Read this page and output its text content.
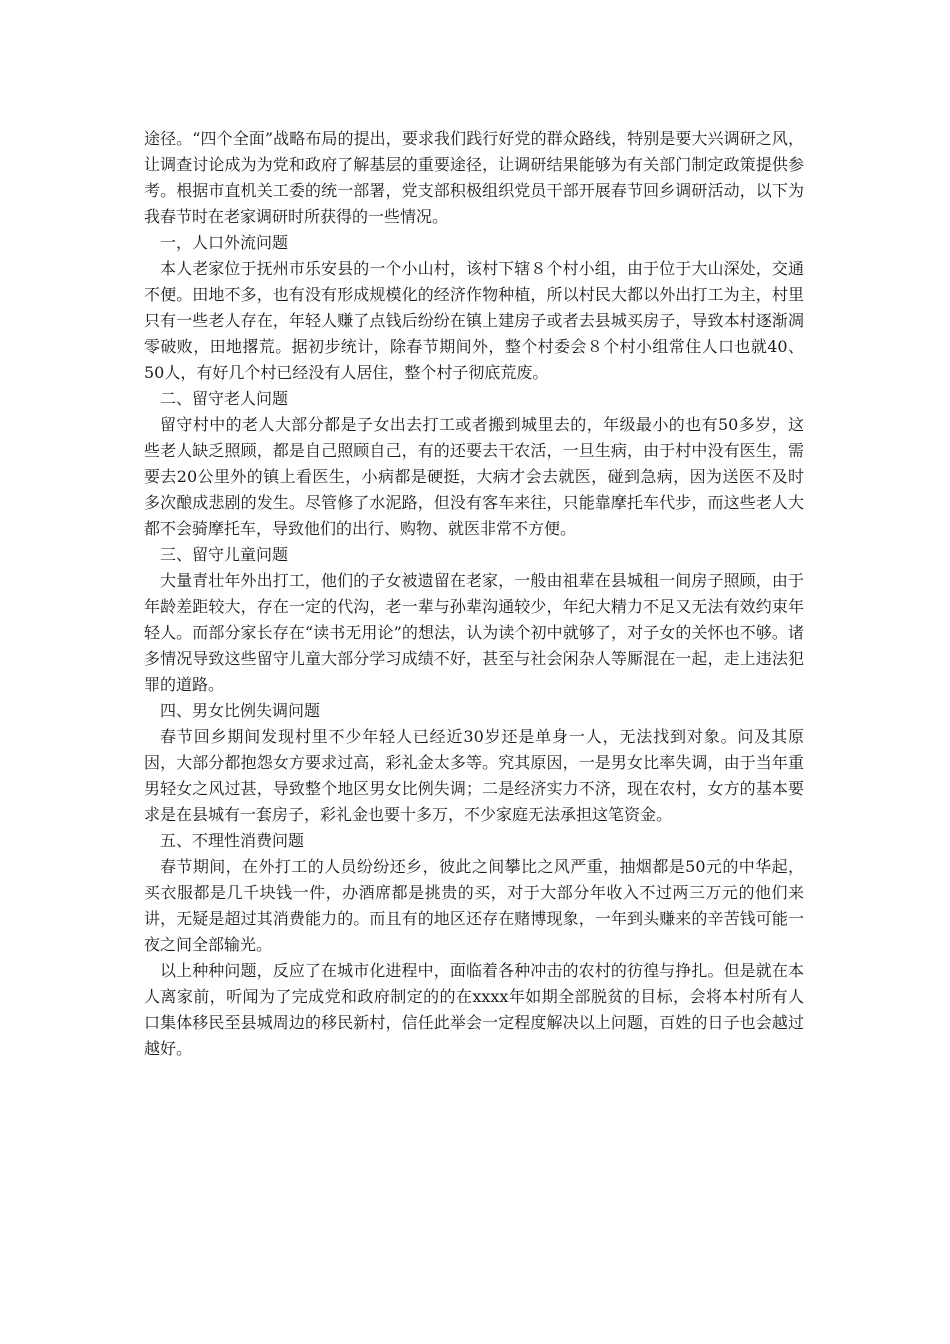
途径。“四个全面”战略布局的提出，要求我们践行好党的群众路线，特别是要大兴调研之风，让调查讨论成为为党和政府了解基层的重要途径，让调研结果能够为有关部门制定政策提供参考。根据市直机关工委的统一部署，党支部积极组织党员干部开展春节回乡调研活动，以下为我春节时在老家调研时所获得的一些情况。

一，人口外流问题

本人老家位于抚州市乐安县的一个小山村，该村下辖８个村小组，由于位于大山深处，交通不便。田地不多，也有没有形成规模化的经济作物种植，所以村民大都以外出打工为主，村里只有一些老人存在，年轻人赚了点钱后纷纷在镇上建房子或者去县城买房子，导致本村逐渐凋零破败，田地撂荒。据初步统计，除春节期间外，整个村委会８个村小组常住人口也就40、50人，有好几个村已经没有人居住，整个村子彻底荒废。

二、留守老人问题

留守村中的老人大部分都是子女出去打工或者搬到城里去的，年级最小的也有50多岁，这些老人缺乏照顾，都是自己照顾自己，有的还要去干农活，一旦生病，由于村中没有医生，需要去20公里外的镇上看医生，小病都是硬挺，大病才会去就医，碰到急病，因为送医不及时多次酿成悲剧的发生。尽管修了水泥路，但没有客车来往，只能靠摩托车代步，而这些老人大都不会骑摩托车，导致他们的出行、购物、就医非常不方便。

三、留守儿童问题

大量青壮年外出打工，他们的子女被遗留在老家，一般由祖辈在县城租一间房子照顾，由于年龄差距较大，存在一定的代沟，老一辈与孙辈沟通较少，年纪大精力不足又无法有效约束年轻人。而部分家长存在“读书无用论”的想法，认为读个初中就够了，对子女的关怀也不够。诸多情况导致这些留守儿童大部分学习成绩不好，甚至与社会闲杂人等厮混在一起，走上违法犯罪的道路。

四、男女比例失调问题

春节回乡期间发现村里不少年轻人已经近30岁还是单身一人，无法找到对象。问及其原因，大部分都抱怨女方要求过高，彩礼金太多等。究其原因，一是男女比率失调，由于当年重男轻女之风过甚，导致整个地区男女比例失调；二是经济实力不济，现在农村，女方的基本要求是在县城有一套房子，彩礼金也要十多万，不少家庭无法承担这笔资金。

五、不理性消费问题

春节期间，在外打工的人员纷纷还乡，彼此之间攀比之风严重，抽烟都是50元的中华起，买衣服都是几千块钱一件，办酒席都是挑贵的买，对于大部分年收入不过两三万元的他们来讲，无疑是超过其消费能力的。而且有的地区还存在赌博现象，一年到头赚来的辛苦钱可能一夜之间全部输光。

以上种种问题，反应了在城市化进程中，面临着各种冲击的农村的彷徨与挣扎。但是就在本人离家前，听闻为了完成党和政府制定的的在xxxx年如期全部脱贫的目标，会将本村所有人口集体移民至县城周边的移民新村，信任此举会一定程度解决以上问题，百姓的日子也会越过越好。
